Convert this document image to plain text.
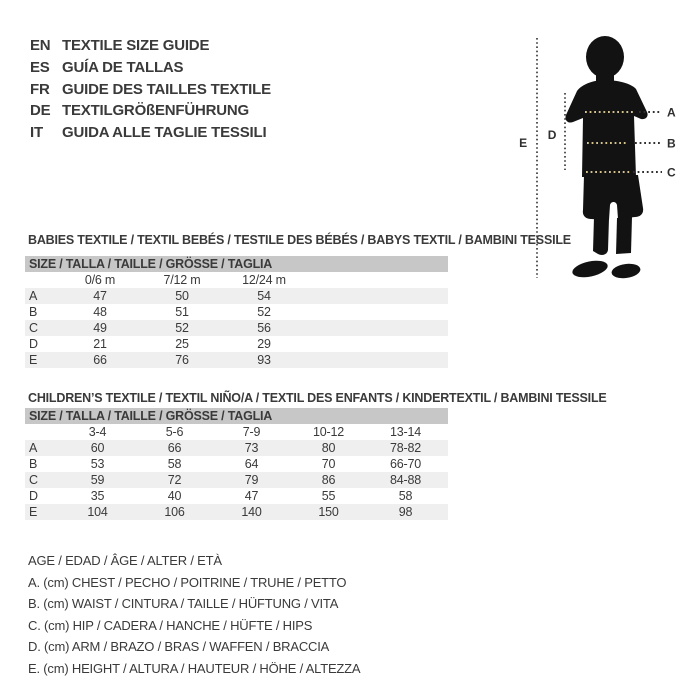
EN TEXTILE SIZE GUIDE
ES GUÍA DE TALLAS
FR GUIDE DES TAILLES TEXTILE
DE TEXTILGRÖßENFÜHRUNG
IT	GUIDA ALLE TAGLIE TESSILI
E
D
A
B
C
BABIES TEXTILE / TEXTIL BEBÉS / TESTILE DES BÉBÉS / BABYS TEXTIL / BAMBINI TESSILE
SIZE / TALLA / TAILLE / GRÖSSE / TAGLIA
0/6 m	7/12 m	12/24 m
A	47	50	54
B	48	51	52
C	49	52	56
D	21	25	29
E	66	76	93
CHILDREN’S TEXTILE / TEXTIL NIÑO/A / TEXTIL DES ENFANTS / KINDERTEXTIL / BAMBINI TESSILE
SIZE / TALLA / TAILLE / GRÖSSE / TAGLIA
3-4	5-6	7-9	10-12	13-14
A	60	66	73	80	78-82
B	53	58	64	70	66-70
C	59	72	79	86	84-88
D	35	40	47	55	58
E	104	106	140	150	98
AGE / EDAD / ÂGE / ALTER / ETÀ
A. (cm) CHEST / PECHO / POITRINE / TRUHE / PETTO
B. (cm) WAIST / CINTURA / TAILLE / HÜFTUNG / VITA
C. (cm) HIP / CADERA / HANCHE / HÜFTE / HIPS
D. (cm) ARM / BRAZO / BRAS / WAFFEN / BRACCIA
E. (cm) HEIGHT / ALTURA / HAUTEUR / HÖHE / ALTEZZA
